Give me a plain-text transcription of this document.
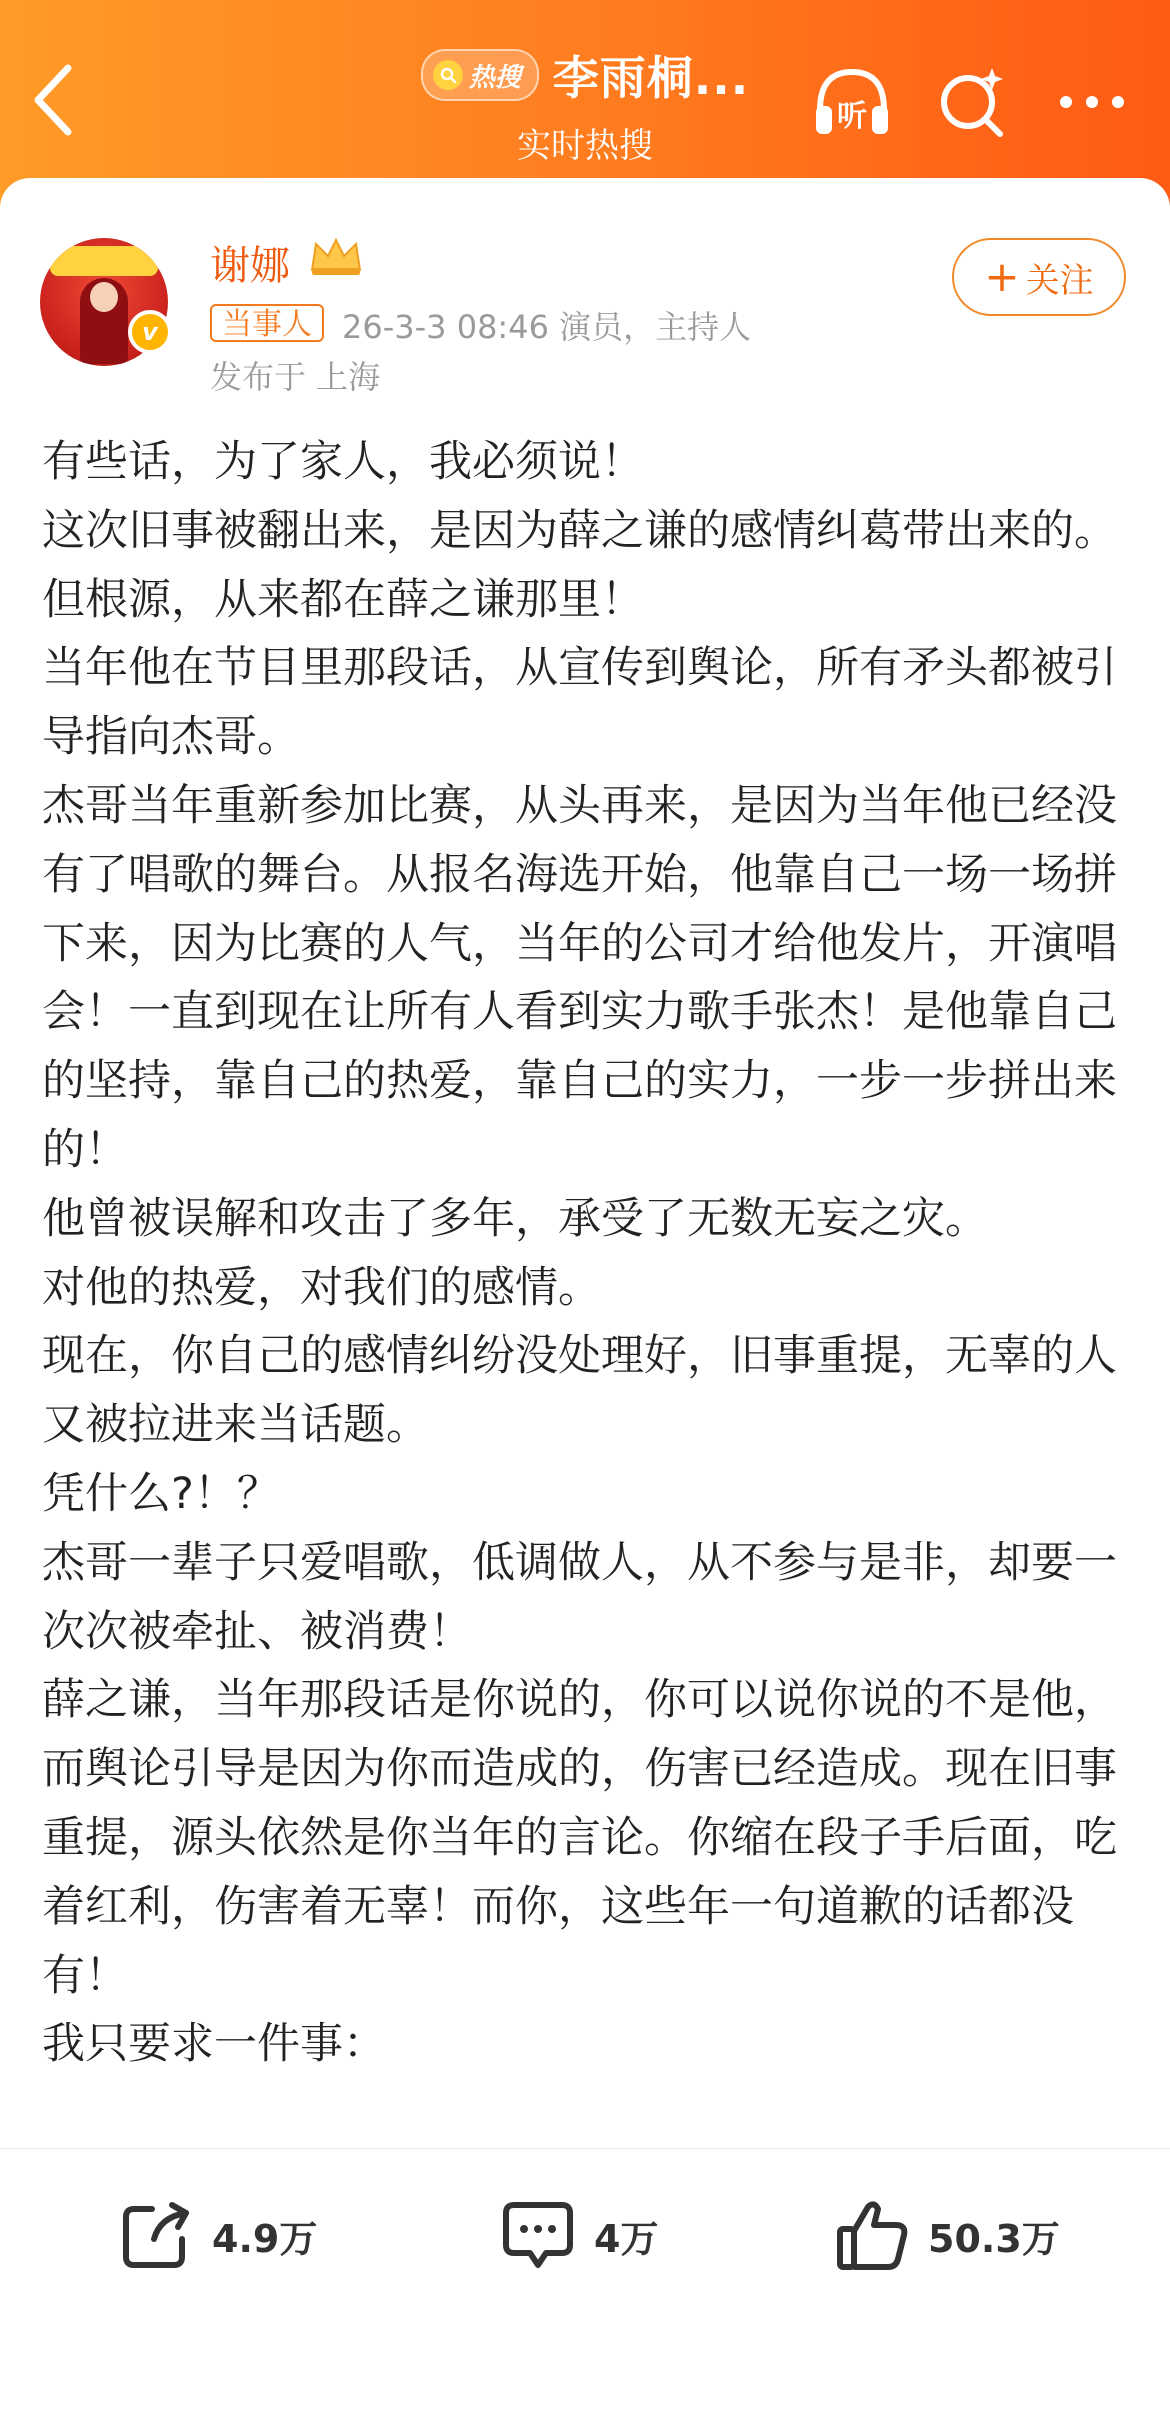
热搜 李雨桐...
实时热搜
听
v
谢娜
当事人 26-3-3 08:46 演员，主持人
发布于 上海
+ 关注

有些话，为了家人，我必须说！

这次旧事被翻出来，是因为薛之谦的感情纠葛带出来的。

但根源，从来都在薛之谦那里！

当年他在节目里那段话，从宣传到舆论，所有矛头都被引导指向杰哥。

杰哥当年重新参加比赛，从头再来，是因为当年他已经没有了唱歌的舞台。从报名海选开始，他靠自己一场一场拼下来，因为比赛的人气，当年的公司才给他发片，开演唱会！一直到现在让所有人看到实力歌手张杰！是他靠自己的坚持，靠自己的热爱，靠自己的实力，一步一步拼出来的！

他曾被误解和攻击了多年，承受了无数无妄之灾。

对他的热爱，对我们的感情。

现在，你自己的感情纠纷没处理好，旧事重提，无辜的人又被拉进来当话题。

凭什么?！？

杰哥一辈子只爱唱歌，低调做人，从不参与是非，却要一次次被牵扯、被消费！

薛之谦，当年那段话是你说的，你可以说你说的不是他，而舆论引导是因为你而造成的，伤害已经造成。现在旧事重提，源头依然是你当年的言论。你缩在段子手后面，吃着红利，伤害着无辜！而你，这些年一句道歉的话都没有！

我只要求一件事：

4.9万	4万	50.3万
